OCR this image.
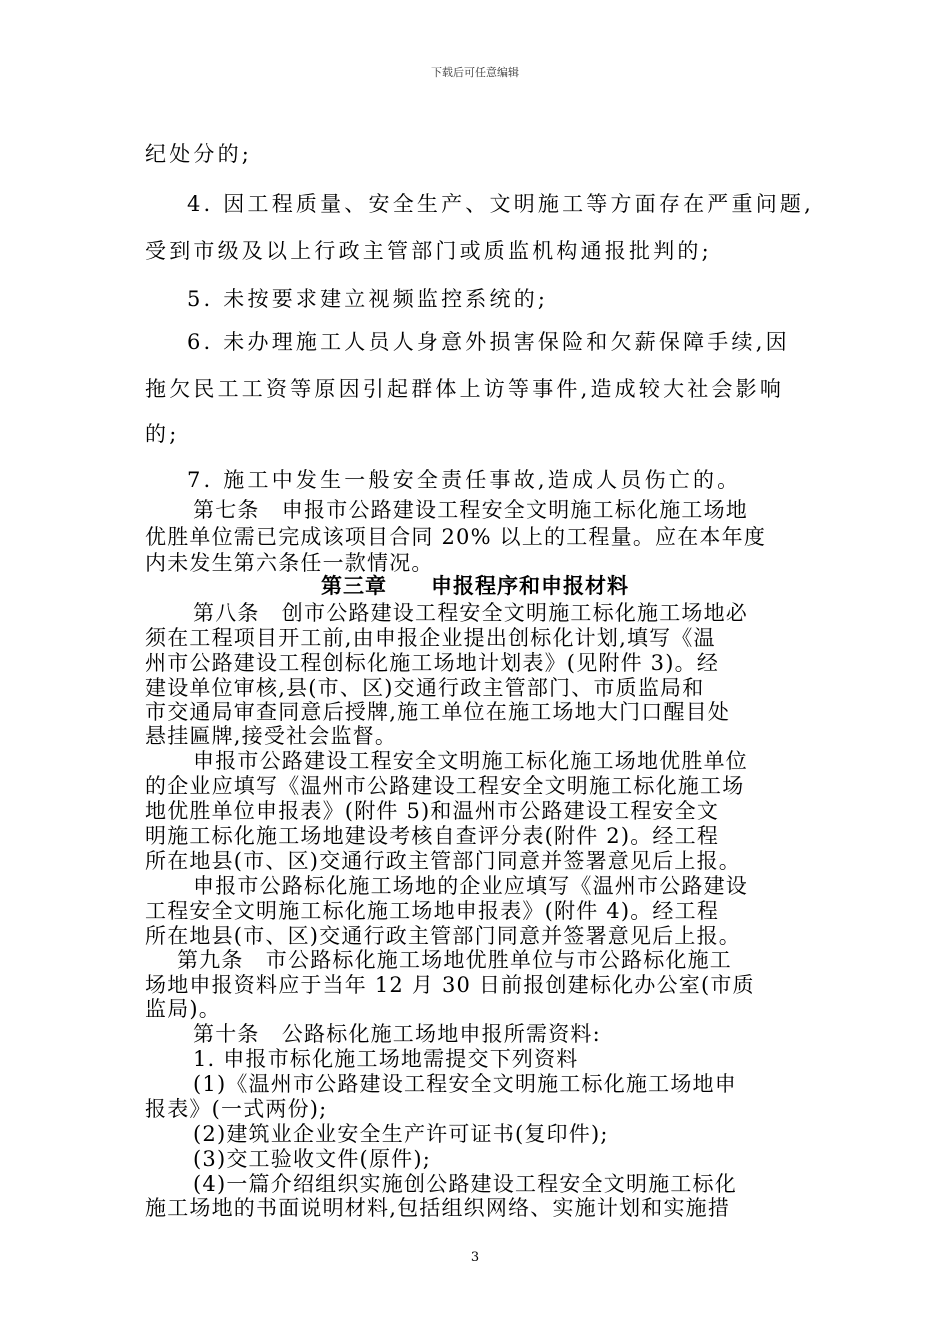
下载后可任意编辑
纪处分的;
4. 因工程质量、安全生产、文明施工等方面存在严重问题,
受到市级及以上行政主管部门或质监机构通报批判的;
5. 未按要求建立视频监控系统的;
6. 未办理施工人员人身意外损害保险和欠薪保障手续,因
拖欠民工工资等原因引起群体上访等事件,造成较大社会影响
的;
7. 施工中发生一般安全责任事故,造成人员伤亡的。
第七条　申报市公路建设工程安全文明施工标化施工场地
优胜单位需已完成该项目合同 20% 以上的工程量。应在本年度
内未发生第六条任一款情况。
第三章 申报程序和申报材料
第八条　创市公路建设工程安全文明施工标化施工场地必
须在工程项目开工前,由申报企业提出创标化计划,填写《温
州市公路建设工程创标化施工场地计划表》(见附件 3)。经
建设单位审核,县(市、区)交通行政主管部门、市质监局和
市交通局审查同意后授牌,施工单位在施工场地大门口醒目处
悬挂匾牌,接受社会监督。
申报市公路建设工程安全文明施工标化施工场地优胜单位
的企业应填写《温州市公路建设工程安全文明施工标化施工场
地优胜单位申报表》(附件 5)和温州市公路建设工程安全文
明施工标化施工场地建设考核自查评分表(附件 2)。经工程
所在地县(市、区)交通行政主管部门同意并签署意见后上报。
申报市公路标化施工场地的企业应填写《温州市公路建设
工程安全文明施工标化施工场地申报表》(附件 4)。经工程
所在地县(市、区)交通行政主管部门同意并签署意见后上报。
第九条　市公路标化施工场地优胜单位与市公路标化施工
场地申报资料应于当年 12 月 30 日前报创建标化办公室(市质
监局)。
第十条　公路标化施工场地申报所需资料:
1. 申报市标化施工场地需提交下列资料
(1)《温州市公路建设工程安全文明施工标化施工场地申
报表》(一式两份);
(2)建筑业企业安全生产许可证书(复印件);
(3)交工验收文件(原件);
(4)一篇介绍组织实施创公路建设工程安全文明施工标化
施工场地的书面说明材料,包括组织网络、实施计划和实施措
3
